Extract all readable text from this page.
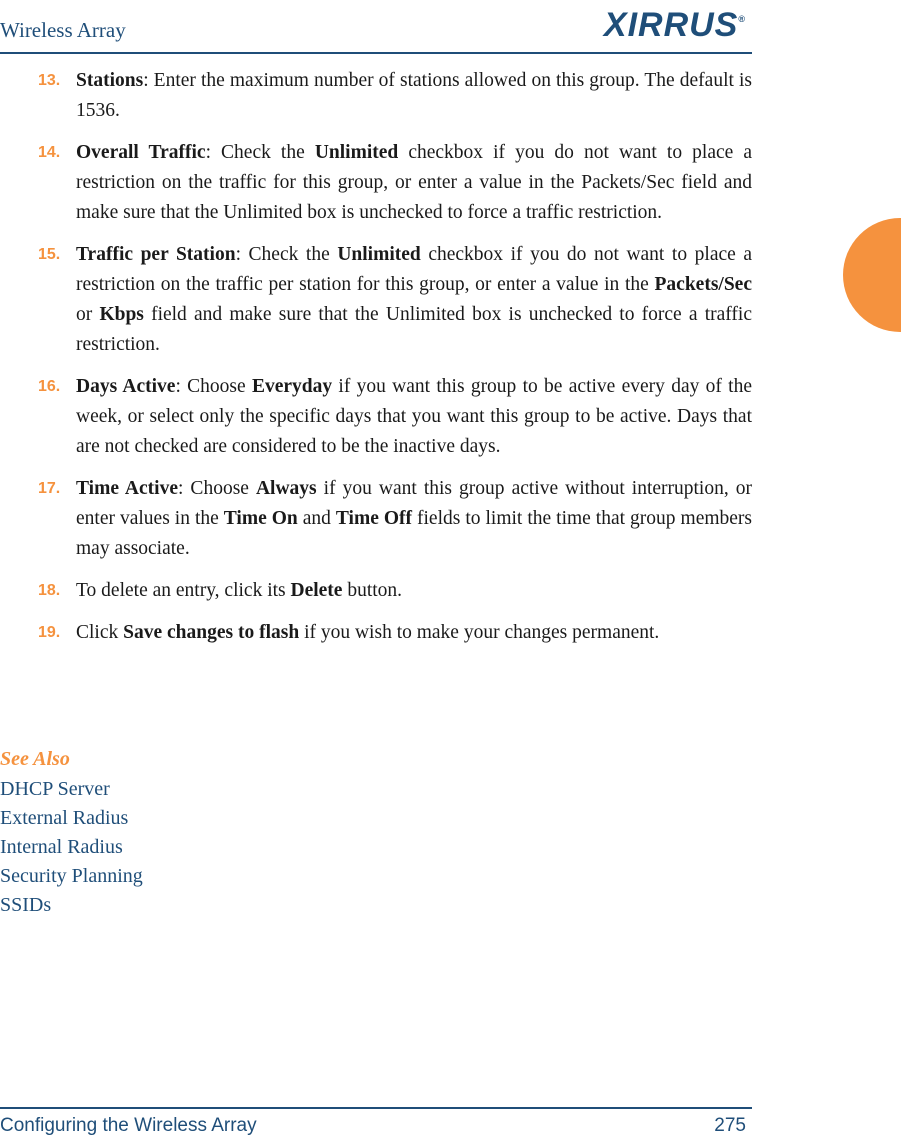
Wireless Array	XIRRUS®
13. Stations: Enter the maximum number of stations allowed on this group. The default is 1536.
14. Overall Traffic: Check the Unlimited checkbox if you do not want to place a restriction on the traffic for this group, or enter a value in the Packets/Sec field and make sure that the Unlimited box is unchecked to force a traffic restriction.
15. Traffic per Station: Check the Unlimited checkbox if you do not want to place a restriction on the traffic per station for this group, or enter a value in the Packets/Sec or Kbps field and make sure that the Unlimited box is unchecked to force a traffic restriction.
16. Days Active: Choose Everyday if you want this group to be active every day of the week, or select only the specific days that you want this group to be active. Days that are not checked are considered to be the inactive days.
17. Time Active: Choose Always if you want this group active without interruption, or enter values in the Time On and Time Off fields to limit the time that group members may associate.
18. To delete an entry, click its Delete button.
19. Click Save changes to flash if you wish to make your changes permanent.
See Also
DHCP Server
External Radius
Internal Radius
Security Planning
SSIDs
Configuring the Wireless Array	275
